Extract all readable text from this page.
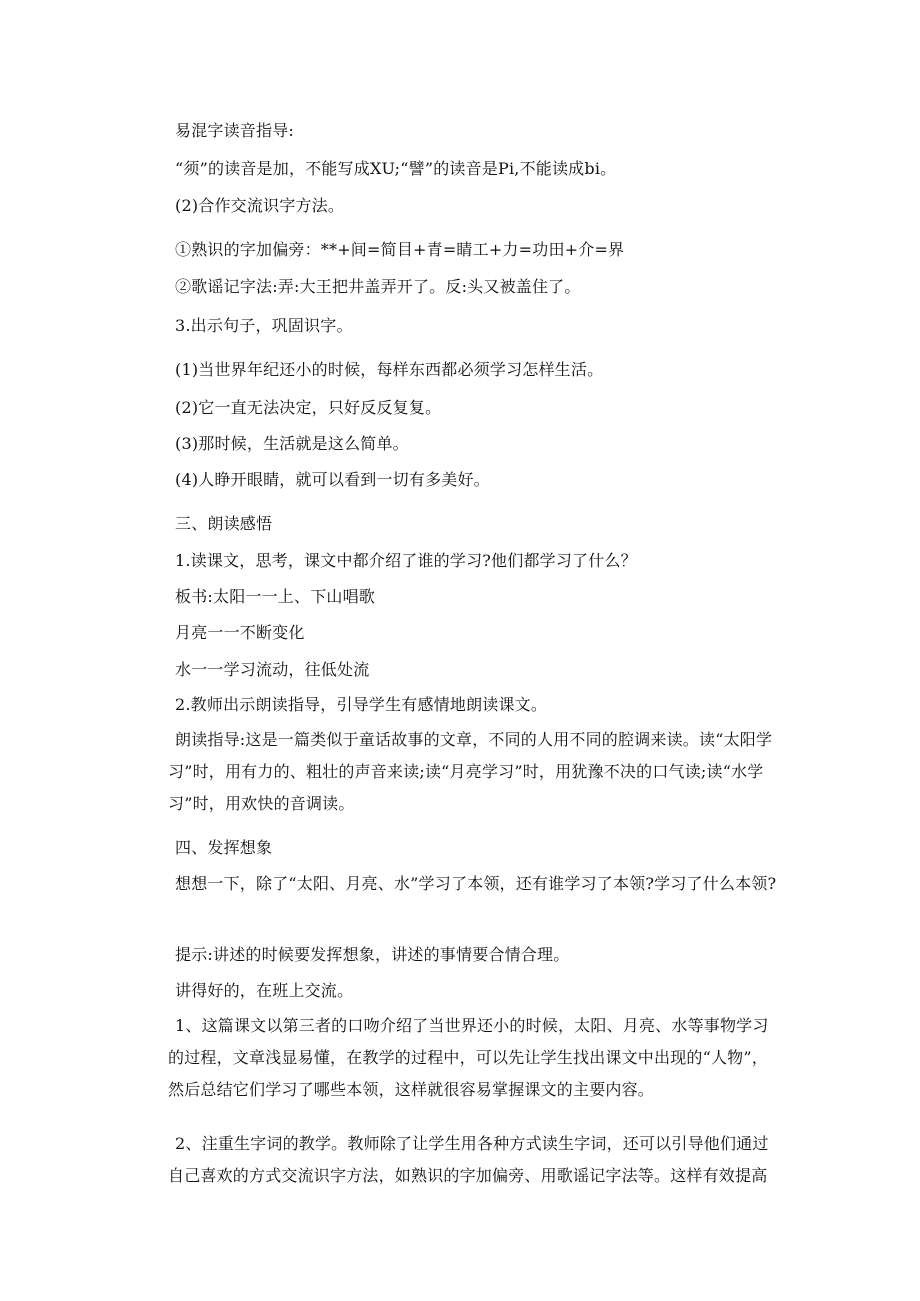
易混字读音指导:
“须”的读音是加，不能写成XU;“譬”的读音是Pi,不能读成bi。
(2)合作交流识字方法。
①熟识的字加偏旁：**+间=简目+青=睛工+力=功田+介=界
②歌谣记字法:弄:大王把井盖弄开了。反:头又被盖住了。
3.出示句子，巩固识字。
(1)当世界年纪还小的时候，每样东西都必须学习怎样生活。
(2)它一直无法决定，只好反反复复。
(3)那时候，生活就是这么简单。
(4)人睁开眼睛，就可以看到一切有多美好。
三、朗读感悟
1.读课文，思考，课文中都介绍了谁的学习?他们都学习了什么？
板书:太阳一一上、下山唱歌
月亮一一不断变化
水一一学习流动，往低处流
2.教师出示朗读指导，引导学生有感情地朗读课文。
朗读指导:这是一篇类似于童话故事的文章，不同的人用不同的腔调来读。读“太阳学习”时，用有力的、粗壮的声音来读;读“月亮学习”时，用犹豫不决的口气读;读“水学习”时，用欢快的音调读。
四、发挥想象
想想一下，除了“太阳、月亮、水”学习了本领，还有谁学习了本领?学习了什么本领?
提示:讲述的时候要发挥想象，讲述的事情要合情合理。
讲得好的，在班上交流。
1、这篇课文以第三者的口吻介绍了当世界还小的时候，太阳、月亮、水等事物学习的过程，文章浅显易懂，在教学的过程中，可以先让学生找出课文中出现的“人物”，然后总结它们学习了哪些本领，这样就很容易掌握课文的主要内容。
2、注重生字词的教学。教师除了让学生用各种方式读生字词，还可以引导他们通过自己喜欢的方式交流识字方法，如熟识的字加偏旁、用歌谣记字法等。这样有效提高
